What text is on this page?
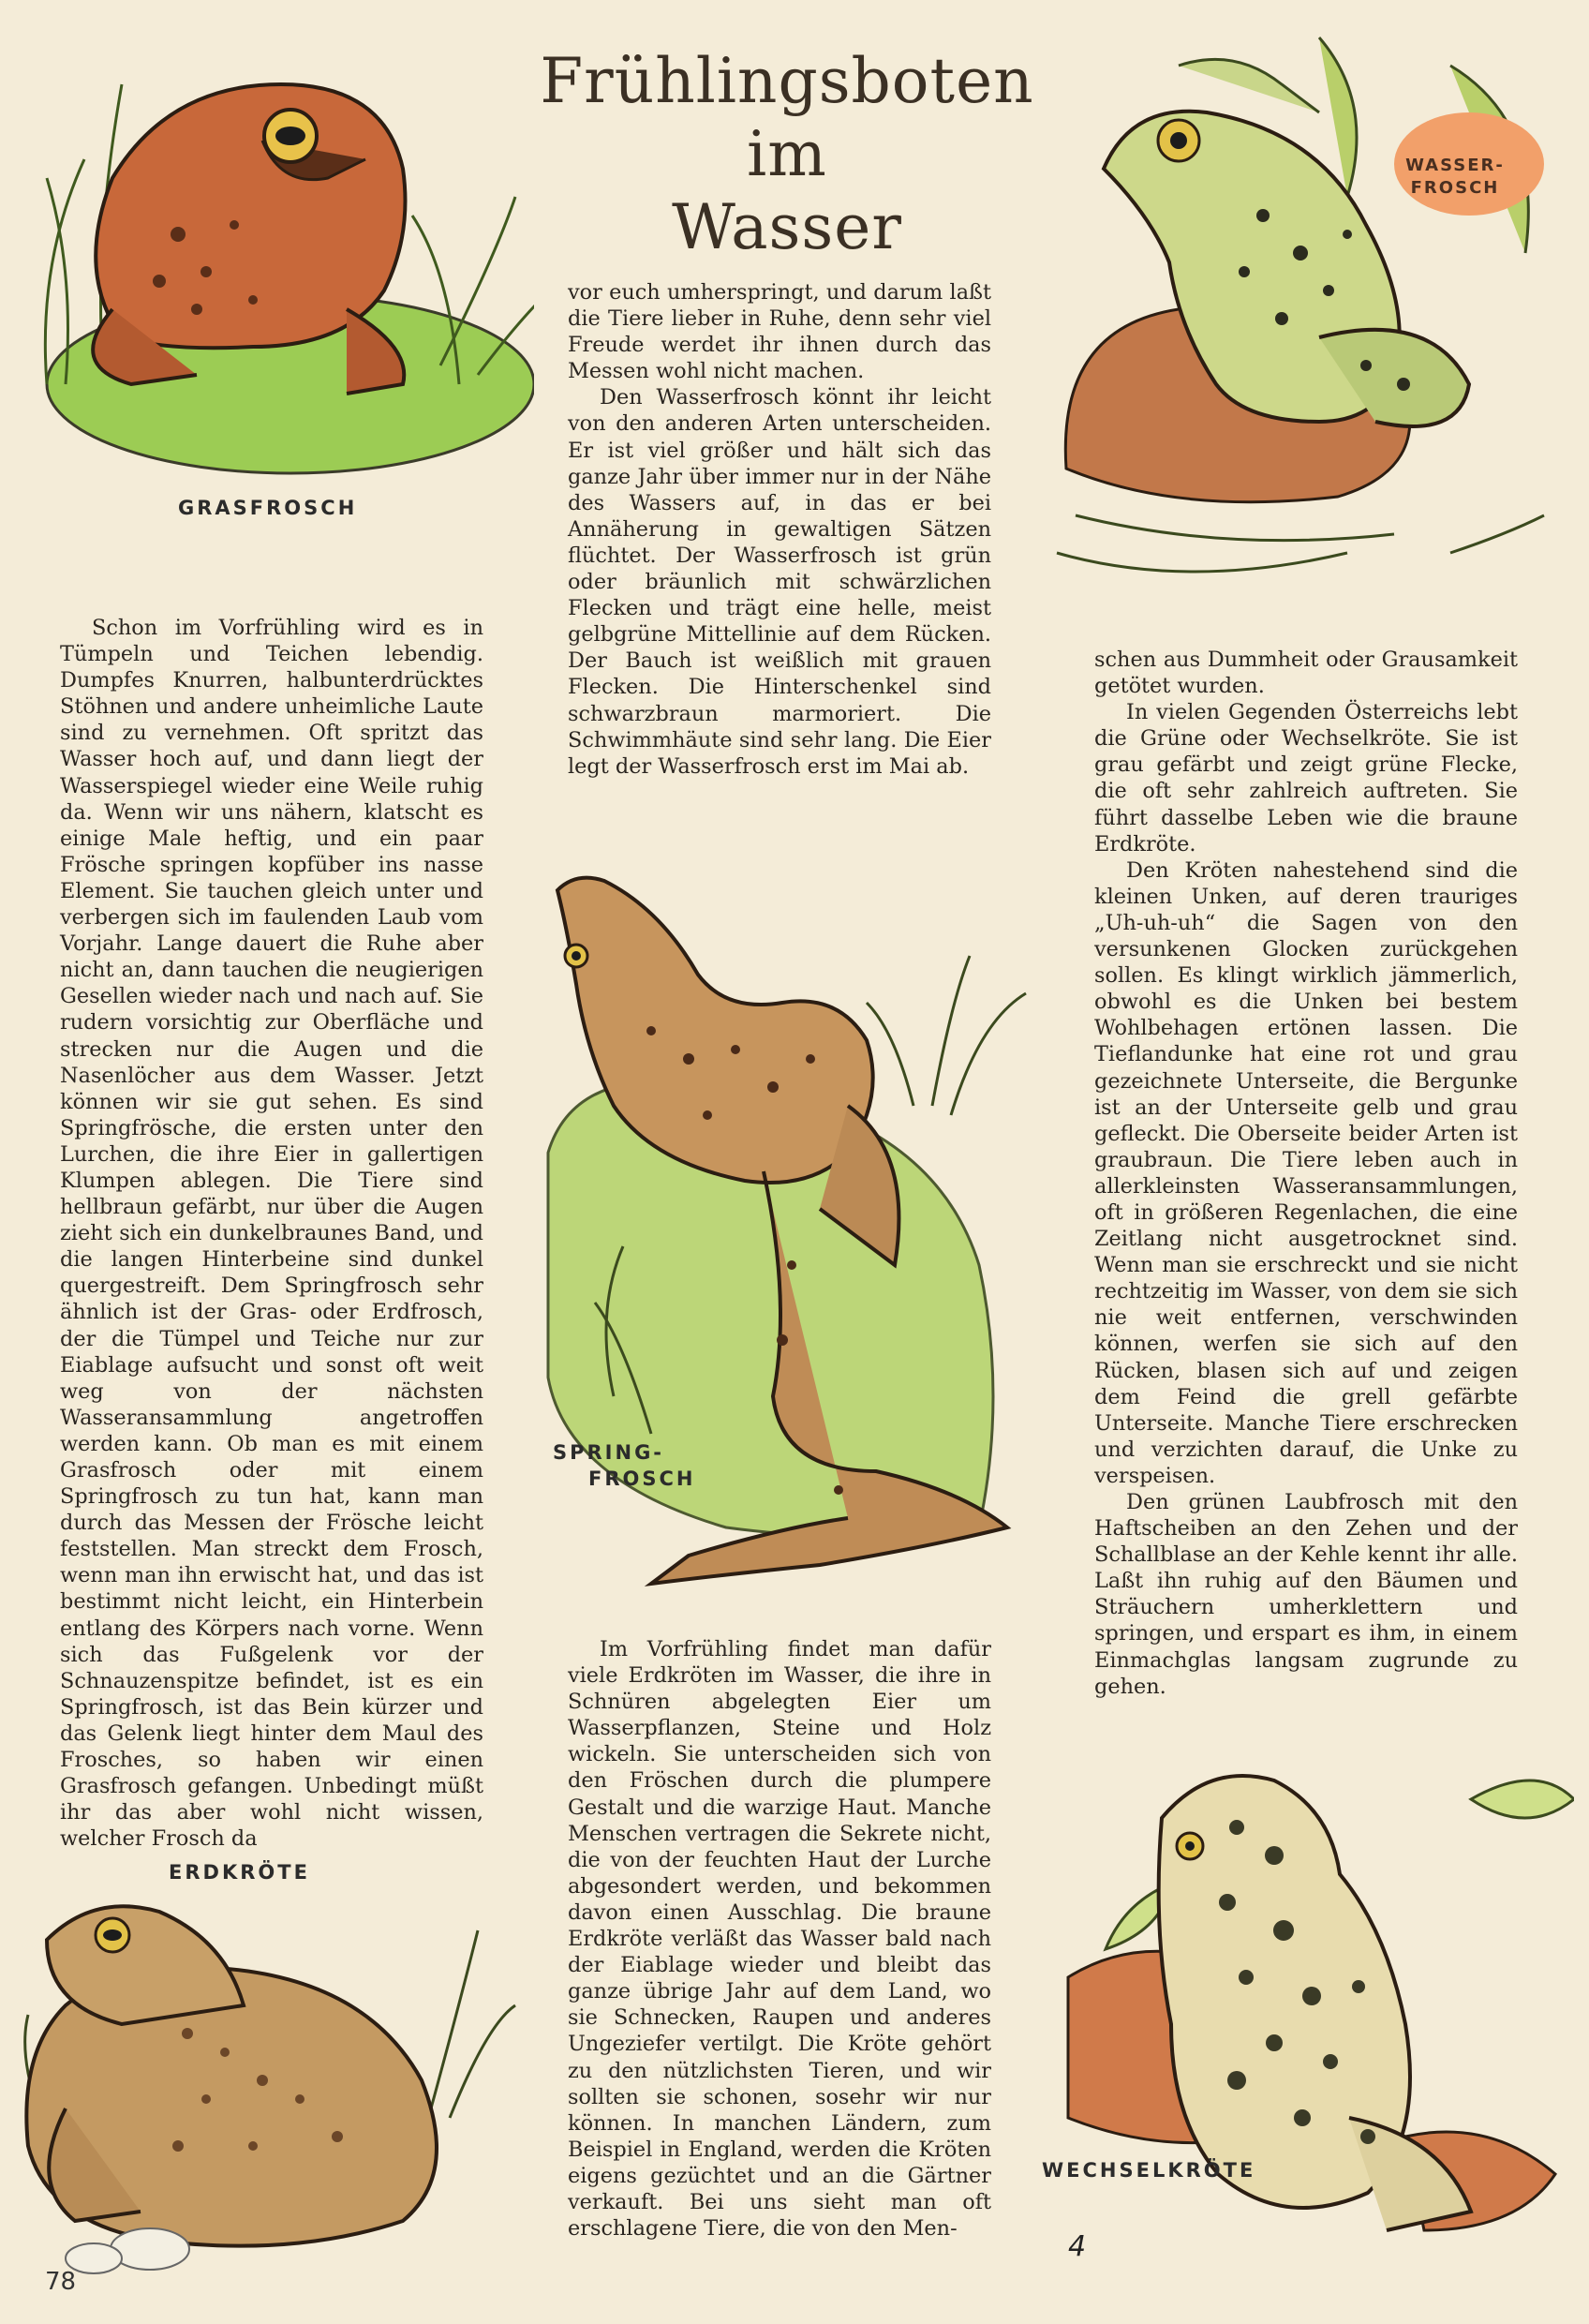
Frühlingsboten
im
Wasser
GRASFROSCH
WASSER-
FROSCH

Schon im Vorfrühling wird es in Tümpeln und Teichen lebendig. Dumpfes Knurren, halbunterdrücktes Stöhnen und andere unheimliche Laute sind zu vernehmen. Oft spritzt das Wasser hoch auf, und dann liegt der Wasserspiegel wieder eine Weile ruhig da. Wenn wir uns nähern, klatscht es einige Male heftig, und ein paar Frösche springen kopfüber ins nasse Element. Sie tauchen gleich unter und verbergen sich im faulenden Laub vom Vorjahr. Lange dauert die Ruhe aber nicht an, dann tauchen die neugierigen Gesellen wieder nach und nach auf. Sie rudern vorsichtig zur Oberfläche und strecken nur die Augen und die Nasenlöcher aus dem Wasser. Jetzt können wir sie gut sehen. Es sind Springfrösche, die ersten unter den Lurchen, die ihre Eier in gallertigen Klumpen ablegen. Die Tiere sind hellbraun gefärbt, nur über die Augen zieht sich ein dunkelbraunes Band, und die langen Hinterbeine sind dunkel quergestreift. Dem Springfrosch sehr ähnlich ist der Gras- oder Erdfrosch, der die Tümpel und Teiche nur zur Eiablage aufsucht und sonst oft weit weg von der nächsten Wasseransammlung angetroffen werden kann. Ob man es mit einem Grasfrosch oder mit einem Springfrosch zu tun hat, kann man durch das Messen der Frösche leicht feststellen. Man streckt dem Frosch, wenn man ihn erwischt hat, und das ist bestimmt nicht leicht, ein Hinterbein entlang des Körpers nach vorne. Wenn sich das Fußgelenk vor der Schnauzenspitze befindet, ist es ein Springfrosch, ist das Bein kürzer und das Gelenk liegt hinter dem Maul des Frosches, so haben wir einen Grasfrosch gefangen. Unbedingt müßt ihr das aber wohl nicht wissen, welcher Frosch da

vor euch umherspringt, und darum laßt die Tiere lieber in Ruhe, denn sehr viel Freude werdet ihr ihnen durch das Messen wohl nicht machen.

Den Wasserfrosch könnt ihr leicht von den anderen Arten unterscheiden. Er ist viel größer und hält sich das ganze Jahr über immer nur in der Nähe des Wassers auf, in das er bei Annäherung in gewaltigen Sätzen flüchtet. Der Wasserfrosch ist grün oder bräunlich mit schwärzlichen Flecken und trägt eine helle, meist gelbgrüne Mittellinie auf dem Rücken. Der Bauch ist weißlich mit grauen Flecken. Die Hinterschenkel sind schwarzbraun marmoriert. Die Schwimmhäute sind sehr lang. Die Eier legt der Wasserfrosch erst im Mai ab.

SPRING-
FROSCH

Im Vorfrühling findet man dafür viele Erdkröten im Wasser, die ihre in Schnüren abgelegten Eier um Wasserpflanzen, Steine und Holz wickeln. Sie unterscheiden sich von den Fröschen durch die plumpere Gestalt und die warzige Haut. Manche Menschen vertragen die Sekrete nicht, die von der feuchten Haut der Lurche abgesondert werden, und bekommen davon einen Ausschlag. Die braune Erdkröte verläßt das Wasser bald nach der Eiablage wieder und bleibt das ganze übrige Jahr auf dem Land, wo sie Schnecken, Raupen und anderes Ungeziefer vertilgt. Die Kröte gehört zu den nützlichsten Tieren, und wir sollten sie schonen, sosehr wir nur können. In manchen Ländern, zum Beispiel in England, werden die Kröten eigens gezüchtet und an die Gärtner verkauft. Bei uns sieht man oft erschlagene Tiere, die von den Men-

schen aus Dummheit oder Grausamkeit getötet wurden.

In vielen Gegenden Österreichs lebt die Grüne oder Wechselkröte. Sie ist grau gefärbt und zeigt grüne Flecke, die oft sehr zahlreich auftreten. Sie führt dasselbe Leben wie die braune Erdkröte.

Den Kröten nahestehend sind die kleinen Unken, auf deren trauriges „Uh-uh-uh“ die Sagen von den versunkenen Glocken zurückgehen sollen. Es klingt wirklich jämmerlich, obwohl es die Unken bei bestem Wohlbehagen ertönen lassen. Die Tieflandunke hat eine rot und grau gezeichnete Unterseite, die Bergunke ist an der Unterseite gelb und grau gefleckt. Die Oberseite beider Arten ist graubraun. Die Tiere leben auch in allerkleinsten Wasseransammlungen, oft in größeren Regenlachen, die eine Zeitlang nicht ausgetrocknet sind. Wenn man sie erschreckt und sie nicht rechtzeitig im Wasser, von dem sie sich nie weit entfernen, verschwinden können, werfen sie sich auf den Rücken, blasen sich auf und zeigen dem Feind die grell gefärbte Unterseite. Manche Tiere erschrecken und verzichten darauf, die Unke zu verspeisen.

Den grünen Laubfrosch mit den Haftscheiben an den Zehen und der Schallblase an der Kehle kennt ihr alle. Laßt ihn ruhig auf den Bäumen und Sträuchern umherklettern und springen, und erspart es ihm, in einem Einmachglas langsam zugrunde zu gehen.

ERDKRÖTE
WECHSELKRÖTE
78
4
